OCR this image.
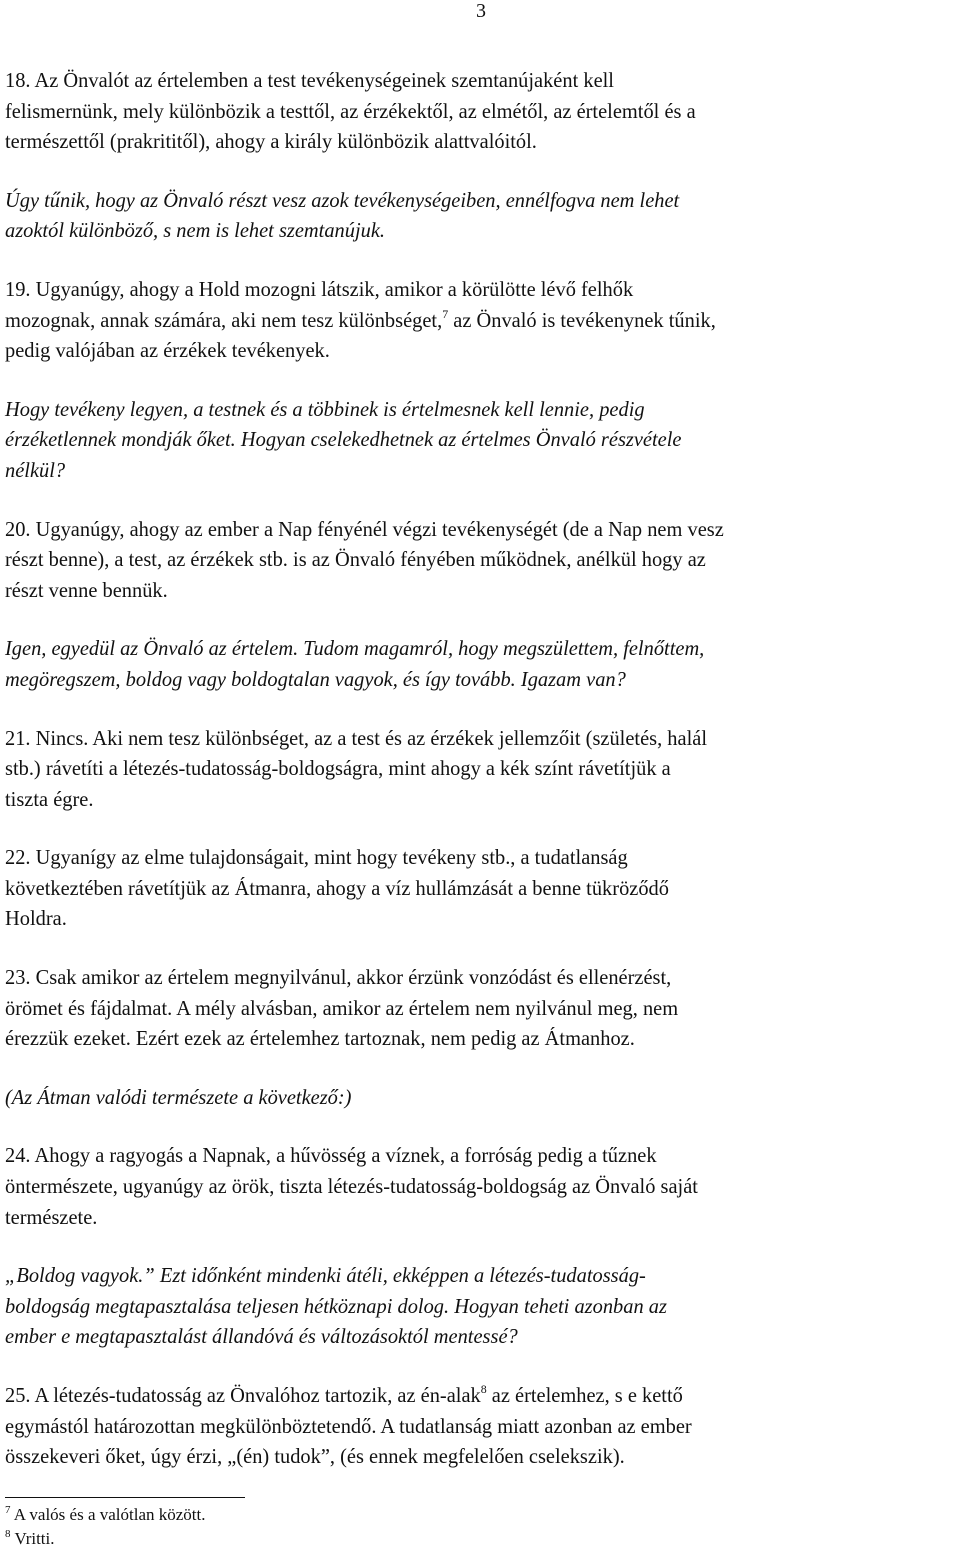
3

18. Az Önvalót az értelemben a test tevékenységeinek szemtanújaként kell
felismernünk, mely különbözik a testtől, az érzékektől, az elmétől, az értelemtől és a
természettől (prakrititől), ahogy a király különbözik alattvalóitól.

Úgy tűnik, hogy az Önvaló részt vesz azok tevékenységeiben, ennélfogva nem lehet
azoktól különböző, s nem is lehet szemtanújuk.

19. Ugyanúgy, ahogy a Hold mozogni látszik, amikor a körülötte lévő felhők
mozognak, annak számára, aki nem tesz különbséget,$^7$ az Önvaló is tevékenynek tűnik,
pedig valójában az érzékek tevékenyek.

Hogy tevékeny legyen, a testnek és a többinek is értelmesnek kell lennie, pedig
érzéketlennek mondják őket. Hogyan cselekedhetnek az értelmes Önvaló részvétele
nélkül?

20. Ugyanúgy, ahogy az ember a Nap fényénél végzi tevékenységét (de a Nap nem vesz
részt benne), a test, az érzékek stb. is az Önvaló fényében működnek, anélkül hogy az
részt venne bennük.

Igen, egyedül az Önvaló az értelem. Tudom magamról, hogy megszülettem, felnőttem,
megöregszem, boldog vagy boldogtalan vagyok, és így tovább. Igazam van?

21. Nincs. Aki nem tesz különbséget, az a test és az érzékek jellemzőit (születés, halál
stb.) rávetíti a létezés-tudatosság-boldogságra, mint ahogy a kék színt rávetítjük a
tiszta égre.

22. Ugyanígy az elme tulajdonságait, mint hogy tevékeny stb., a tudatlanság
következtében rávetítjük az Átmanra, ahogy a víz hullámzását a benne tükröződő
Holdra.

23. Csak amikor az értelem megnyilvánul, akkor érzünk vonzódást és ellenérzést,
örömet és fájdalmat. A mély alvásban, amikor az értelem nem nyilvánul meg, nem
érezzük ezeket. Ezért ezek az értelemhez tartoznak, nem pedig az Átmanhoz.

(Az Átman valódi természete a következő:)

24. Ahogy a ragyogás a Napnak, a hűvösség a víznek, a forróság pedig a tűznek
öntermészete, ugyanúgy az örök, tiszta létezés-tudatosság-boldogság az Önvaló saját
természete.

„Boldog vagyok.” Ezt időnként mindenki átéli, ekképpen a létezés-tudatosság-
boldogság megtapasztalása teljesen hétköznapi dolog. Hogyan teheti azonban az
ember e megtapasztalást állandóvá és változásoktól mentessé?

25. A létezés-tudatosság az Önvalóhoz tartozik, az én-alak$^8$ az értelemhez, s e kettő
egymástól határozottan megkülönböztetendő. A tudatlanság miatt azonban az ember
összekeveri őket, úgy érzi, „(én) tudok”, (és ennek megfelelően cselekszik).

$^7$ A valós és a valótlan között.
$^8$ Vritti.
